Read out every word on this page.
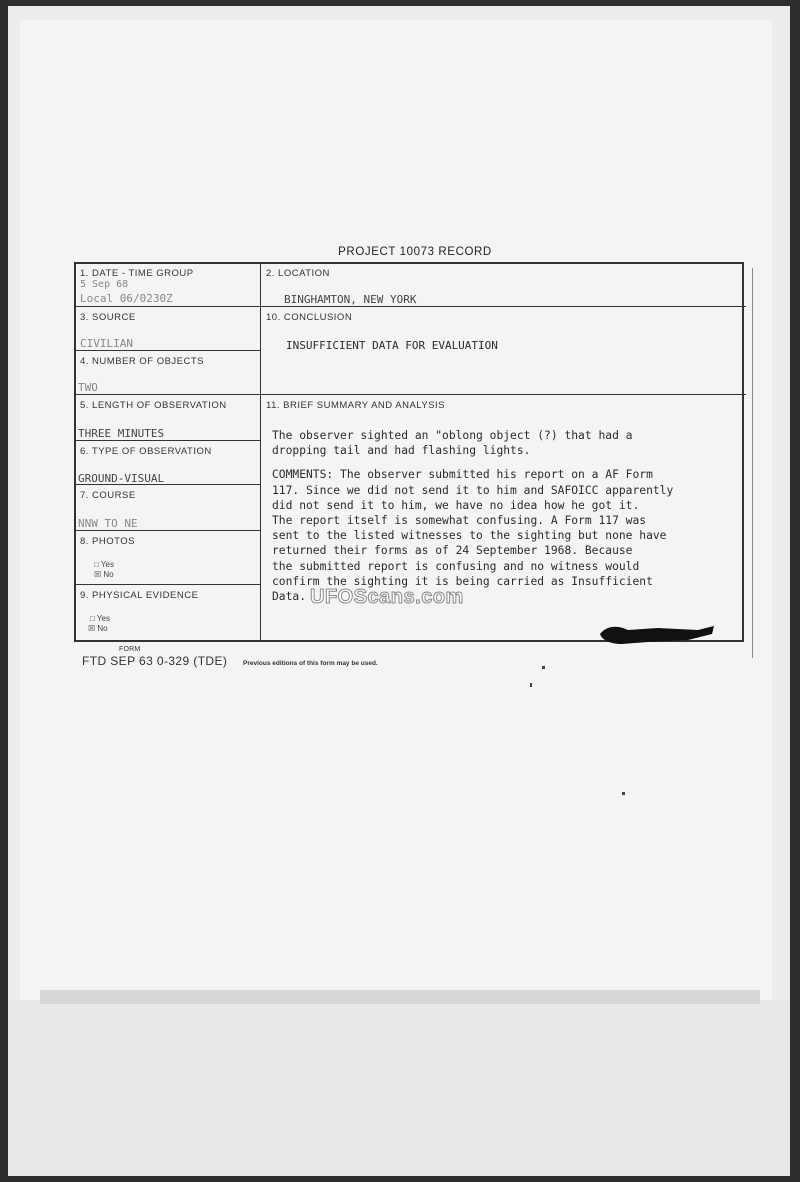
PROJECT 10073 RECORD
1. DATE - TIME GROUP
5 Sep 68
Local 06/0230Z
2. LOCATION
BINGHAMTON, NEW YORK
3. SOURCE
CIVILIAN
10. CONCLUSION
INSUFFICIENT DATA FOR EVALUATION
4. NUMBER OF OBJECTS
TWO
5. LENGTH OF OBSERVATION
THREE MINUTES
11. BRIEF SUMMARY AND ANALYSIS
6. TYPE OF OBSERVATION
GROUND-VISUAL
7. COURSE
NNW TO NE
8. PHOTOS
□ Yes
☒ No
9. PHYSICAL EVIDENCE
□ Yes
☒ No

The observer sighted an "oblong object (?) that had a
dropping tail and had flashing lights.

COMMENTS: The observer submitted his report on a AF Form
117. Since we did not send it to him and SAFOICC apparently
did not send it to him, we have no idea how he got it.
The report itself is somewhat confusing. A Form 117 was
sent to the listed witnesses to the sighting but none have
returned their forms as of 24 September 1968. Because
the submitted report is confusing and no witness would
confirm the sighting it is being carried as Insufficient
Data. UFOScans.com
FORM
FTD SEP 63 0-329 (TDE) Previous editions of this form may be used.
